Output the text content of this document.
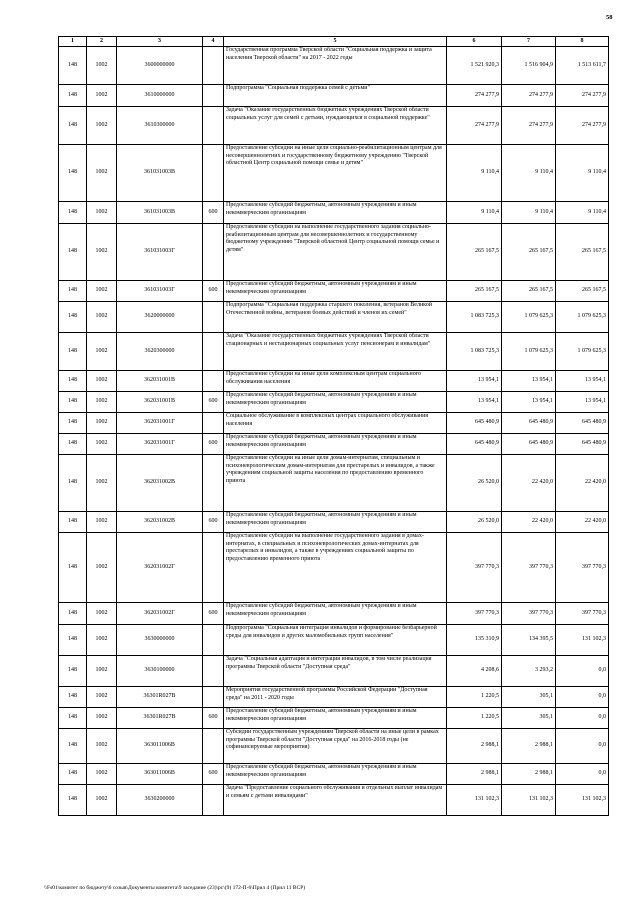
58
1	2	3	4	5	6	7	8
148	1002	3600000000		Государственная программа Тверской области "Социальная поддержка и защита населения Тверской области" на 2017 - 2022 годы	1 521 920,3	1 516 904,9	1 513 611,7
148	1002	3610000000		Подпрограмма "Социальная поддержка семей с детьми"	274 277,9	274 277,9	274 277,9
148	1002	3610300000		Задача "Оказание государственных бюджетных учреждениях Тверской области социальных услуг для семей с детьми, нуждающихся в социальной поддержке"	274 277,9	274 277,9	274 277,9
148	1002	361031003В		Предоставление субсидии на иные цели социально-реабилитационным центрам для несовершеннолетних и государственному бюджетному учреждению "Тверской областной Центр социальной помощи семье и детям"	9 110,4	9 110,4	9 110,4
148	1002	361031003В	600	Предоставление субсидий бюджетным, автономным учреждениям и иным некоммерческим организациям	9 110,4	9 110,4	9 110,4
148	1002	361031003Г		Предоставление субсидии на выполнение государственного задания социально-реабилитационным центрам для несовершеннолетних и государственному бюджетному учреждению "Тверской областной Центр социальной помощи семье и детям"	265 167,5	265 167,5	265 167,5
148	1002	361031003Г	600	Предоставление субсидий бюджетным, автономным учреждениям и иным некоммерческим организациям	265 167,5	265 167,5	265 167,5
148	1002	3620000000		Подпрограмма "Социальная поддержка старшего поколения, ветеранов Великой Отечественной войны, ветеранов боевых действий и членов их семей"	1 083 725,3	1 079 625,3	1 079 625,3
148	1002	3620300000		Задача "Оказание государственных бюджетных учреждениях Тверской области стационарных и нестационарных социальных услуг пенсионерам и инвалидам"	1 083 725,3	1 079 625,3	1 079 625,3
148	1002	362031001В		Предоставление субсидии на иные цели комплексным центрам социального обслуживания населения	13 954,1	13 954,1	13 954,1
148	1002	362031001В	600	Предоставление субсидий бюджетным, автономным учреждениям и иным некоммерческим организациям	13 954,1	13 954,1	13 954,1
148	1002	362031001Г		Социальное обслуживание в комплексных центрах социального обслуживания населения	645 480,9	645 480,9	645 480,9
148	1002	362031001Г	600	Предоставление субсидий бюджетным, автономным учреждениям и иным некоммерческим организациям	645 480,9	645 480,9	645 480,9
148	1002	362031002В		Предоставление субсидии на иные цели домам-интернатам, специальным и психоневрологическим домам-интернатам для престарелых и инвалидов, а также учреждениям социальной защиты населения по предоставлению временного приюта	26 520,0	22 420,0	22 420,0
148	1002	362031002В	600	Предоставление субсидий бюджетным, автономным учреждениям и иным некоммерческим организациям	26 520,0	22 420,0	22 420,0
148	1002	362031002Г		Предоставление субсидии на выполнение государственного задания в домах-интернатах, в специальных и психоневрологических домах-интернатах для престарелых и инвалидов, а также в учреждениях социальной защиты по предоставлению временного приюта	397 770,3	397 770,3	397 770,3
148	1002	362031002Г	600	Предоставление субсидий бюджетным, автономным учреждениям и иным некоммерческим организациям	397 770,3	397 770,3	397 770,3
148	1002	3630000000		Подпрограмма "Социальная интеграция инвалидов и формирование безбарьерной среды для инвалидов и других маломобильных групп населения"	135 310,9	134 395,5	131 102,3
148	1002	3630100000		Задача "Социальная адаптация и интеграция инвалидов, в том числе реализация программы Тверской области "Доступная среда"	4 208,6	3 293,2	0,0
148	1002	36301R027В		Мероприятия государственной программы Российской Федерации "Доступная среда" на 2011 - 2020 годы	1 220,5	305,1	0,0
148	1002	36301R027В	600	Предоставление субсидий бюджетным, автономным учреждениям и иным некоммерческим организациям	1 220,5	305,1	0,0
148	1002	363011006В		Субсидии государственным учреждениям Тверской области на иные цели в рамках программы Тверской области "Доступная среда" на 2016-2018 годы (не софинансируемые мероприятия)	2 988,1	2 988,1	0,0
148	1002	363011006В	600	Предоставление субсидий бюджетным, автономным учреждениям и иным некоммерческим организациям	2 988,1	2 988,1	0,0
148	1002	3630200000		Задача "Предоставление социального обслуживания и отдельных выплат инвалидам и семьям с детьми инвалидами"	131 102,3	131 102,3	131 102,3
\\Fs01\комитет по бюджету\6 созыв\Документы комитета\9 заседание (23)\рс\(9) 172-П-6\Прил 4 (Прил 11 ВСР)
